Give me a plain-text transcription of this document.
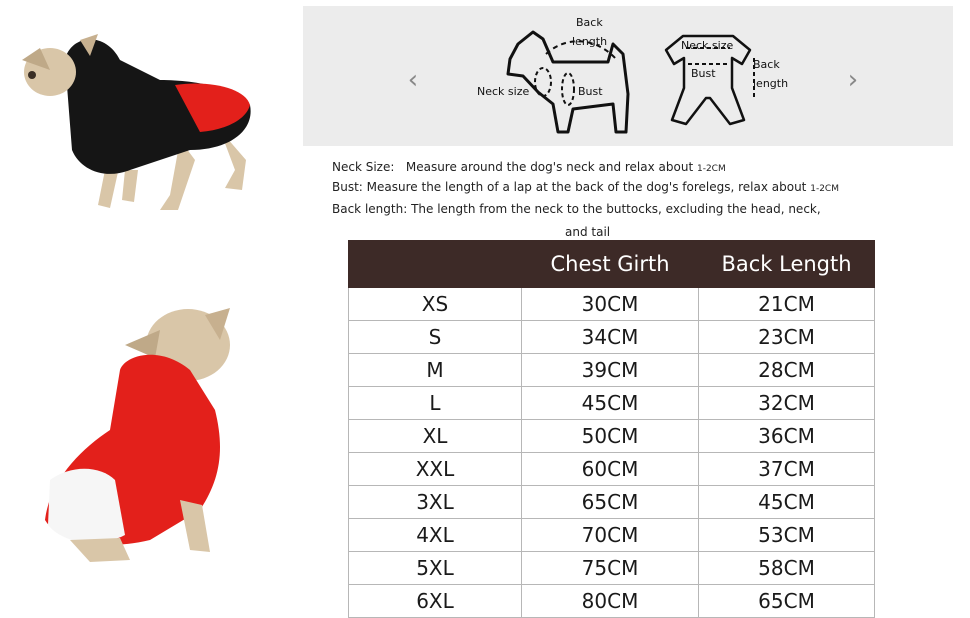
‹	›
Back
length
Neck size	Bust
Neck size
Bust
Back
length
Neck Size: Measure around the dog's neck and relax about 1-2CM
Bust: Measure the length of a lap at the back of the dog's forelegs, relax about 1-2CM
Back length: The length from the neck to the buttocks, excluding the head, neck,
and tail
	Chest Girth	Back Length
XS	30CM	21CM
S	34CM	23CM
M	39CM	28CM
L	45CM	32CM
XL	50CM	36CM
XXL	60CM	37CM
3XL	65CM	45CM
4XL	70CM	53CM
5XL	75CM	58CM
6XL	80CM	65CM
